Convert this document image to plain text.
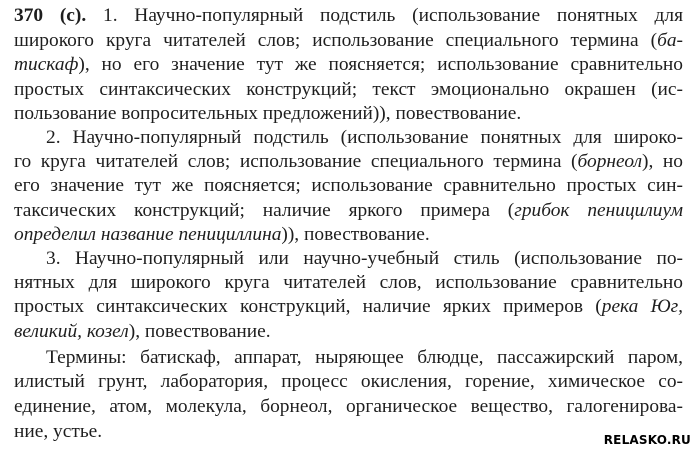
370 (с). 1. Научно-популярный подстиль (использование понятных для
широкого круга читателей слов; использование специального термина (ба-
тискаф), но его значение тут же поясняется; использование сравнительно
простых синтаксических конструкций; текст эмоционально окрашен (ис-
пользование вопросительных предложений)), повествование.
2. Научно-популярный подстиль (использование понятных для широко-
го круга читателей слов; использование специального термина (борнеол), но
его значение тут же поясняется; использование сравнительно простых син-
таксических конструкций; наличие яркого примера (грибок пеницилиум
определил название пенициллина)), повествование.
3. Научно-популярный или научно-учебный стиль (использование по-
нятных для широкого круга читателей слов, использование сравнительно
простых синтаксических конструкций, наличие ярких примеров (река Юг,
великий, козел), повествование.
Термины: батискаф, аппарат, ныряющее блюдце, пассажирский паром,
илистый грунт, лаборатория, процесс окисления, горение, химическое со-
единение, атом, молекула, борнеол, органическое вещество, галогенирова-
ние, устье.	RELASKO.RU
